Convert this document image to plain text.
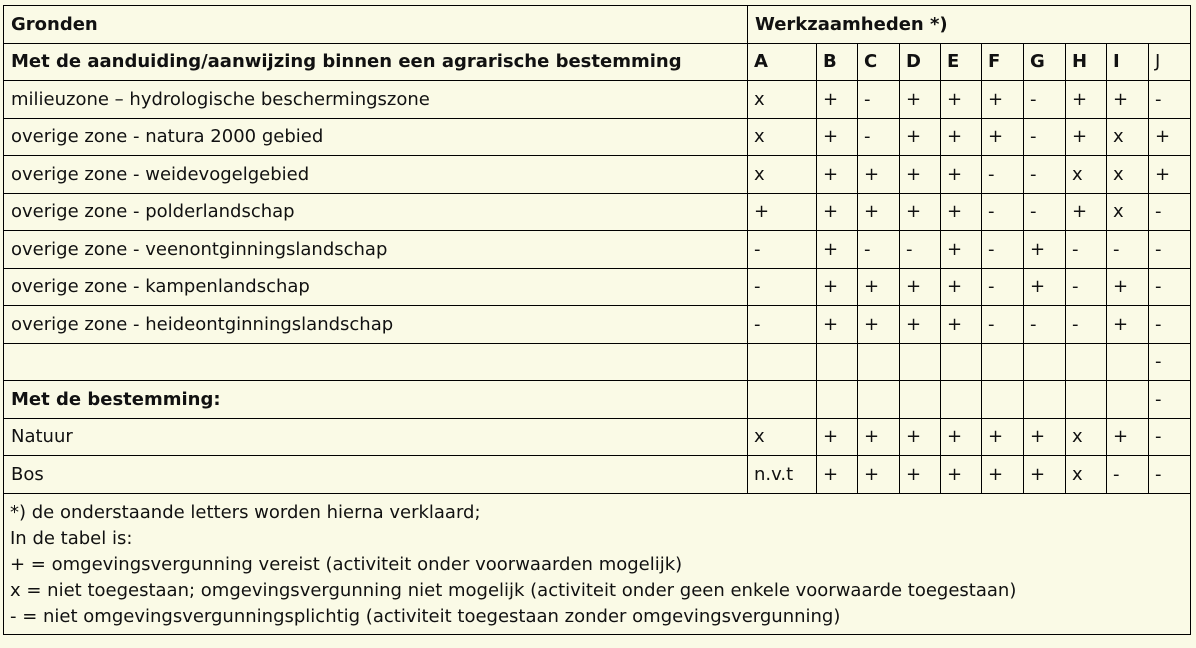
Gronden	Werkzaamheden *)									
Met de aanduiding/aanwijzing binnen een agrarische bestemming	A	B	C	D	E	F	G	H	I	J
milieuzone – hydrologische beschermingszone	x	+	-	+	+	+	-	+	+	-
overige zone - natura 2000 gebied	x	+	-	+	+	+	-	+	x	+
overige zone - weidevogelgebied	x	+	+	+	+	-	-	x	x	+
overige zone - polderlandschap	+	+	+	+	+	-	-	+	x	-
overige zone - veenontginningslandschap	-	+	-	-	+	-	+	-	-	-
overige zone - kampenlandschap	-	+	+	+	+	-	+	-	+	-
overige zone - heideontginningslandschap	-	+	+	+	+	-	-	-	+	-
										-
Met de bestemming:										-
Natuur	x	+	+	+	+	+	+	x	+	-
Bos	n.v.t	+	+	+	+	+	+	x	-	-

*) de onderstaande letters worden hierna verklaard;
In de tabel is:
+ = omgevingsvergunning vereist (activiteit onder voorwaarden mogelijk)
x = niet toegestaan; omgevingsvergunning niet mogelijk (activiteit onder geen enkele voorwaarde toegestaan)
- = niet omgevingsvergunningsplichtig (activiteit toegestaan zonder omgevingsvergunning)										
